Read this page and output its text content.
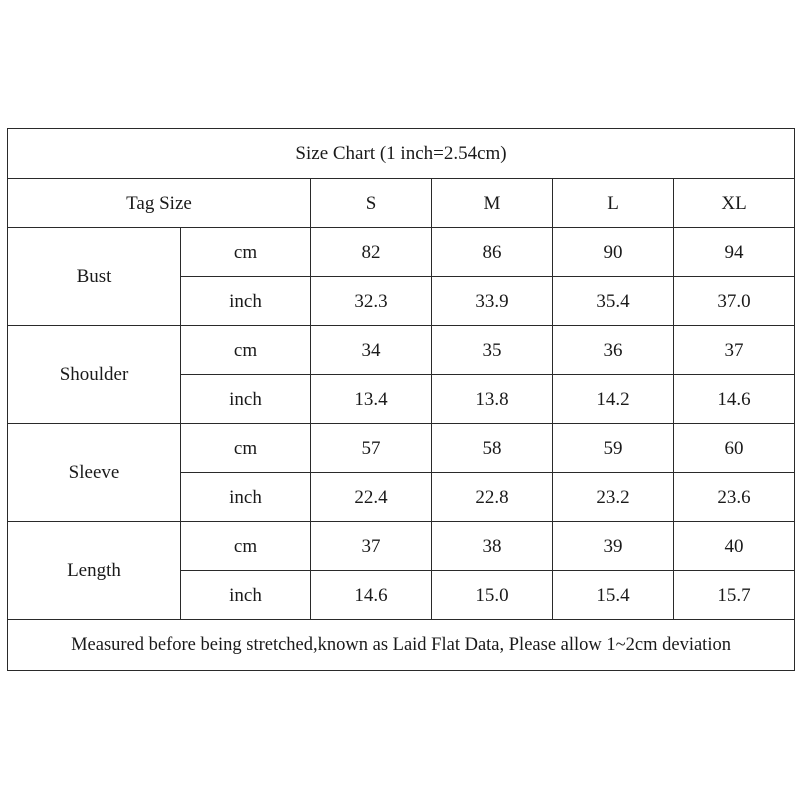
Size Chart (1 inch=2.54cm)					
Tag Size		S	M	L	XL
Bust	cm	82	86	90	94
	inch	32.3	33.9	35.4	37.0
Shoulder	cm	34	35	36	37
	inch	13.4	13.8	14.2	14.6
Sleeve	cm	57	58	59	60
	inch	22.4	22.8	23.2	23.6
Length	cm	37	38	39	40
	inch	14.6	15.0	15.4	15.7
Measured before being stretched,known as Laid Flat Data, Please allow 1~2cm deviation					
